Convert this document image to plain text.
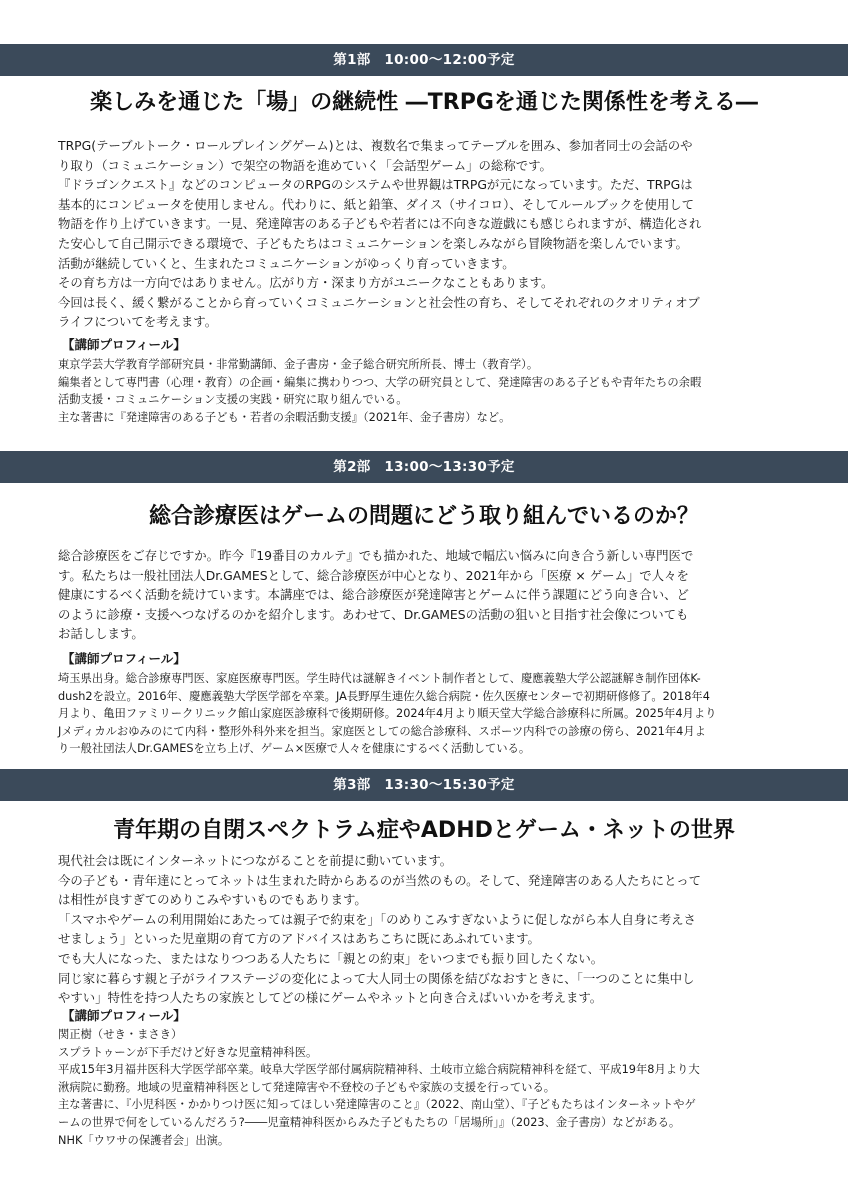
第1部　10:00〜12:00予定
楽しみを通じた「場」の継続性 ―TRPGを通じた関係性を考える―

TRPG(テーブルトーク・ロールプレイングゲーム)とは、複数名で集まってテーブルを囲み、参加者同士の会話のや

り取り（コミュニケーション）で架空の物語を進めていく「会話型ゲーム」の総称です。

『ドラゴンクエスト』などのコンピュータのRPGのシステムや世界観はTRPGが元になっています。ただ、TRPGは

基本的にコンピュータを使用しません。代わりに、紙と鉛筆、ダイス（サイコロ）、そしてルールブックを使用して

物語を作り上げていきます。一見、発達障害のある子どもや若者には不向きな遊戯にも感じられますが、構造化され

た安心して自己開示できる環境で、子どもたちはコミュニケーションを楽しみながら冒険物語を楽しんでいます。

活動が継続していくと、生まれたコミュニケーションがゆっくり育っていきます。

その育ち方は一方向ではありません。広がり方・深まり方がユニークなこともあります。

今回は長く、緩く繋がることから育っていくコミュニケーションと社会性の育ち、そしてそれぞれのクオリティオブ

ライフについてを考えます。

【講師プロフィール】

東京学芸大学教育学部研究員・非常勤講師、金子書房・金子総合研究所所長、博士（教育学）。

編集者として専門書（心理・教育）の企画・編集に携わりつつ、大学の研究員として、発達障害のある子どもや青年たちの余暇

活動支援・コミュニケーション支援の実践・研究に取り組んでいる。

主な著書に『発達障害のある子ども・若者の余暇活動支援』（2021年、金子書房）など。

第2部　13:00〜13:30予定
総合診療医はゲームの問題にどう取り組んでいるのか？

総合診療医をご存じですか。昨今『19番目のカルテ』でも描かれた、地域で幅広い悩みに向き合う新しい専門医で

す。私たちは一般社団法人Dr.GAMESとして、総合診療医が中心となり、2021年から「医療 × ゲーム」で人々を

健康にするべく活動を続けています。本講座では、総合診療医が発達障害とゲームに伴う課題にどう向き合い、ど

のように診療・支援へつなげるのかを紹介します。あわせて、Dr.GAMESの活動の狙いと目指す社会像についても

お話しします。

【講師プロフィール】

埼玉県出身。総合診療専門医、家庭医療専門医。学生時代は謎解きイベント制作者として、慶應義塾大学公認謎解き制作団体K-

dush2を設立。2016年、慶應義塾大学医学部を卒業。JA長野厚生連佐久総合病院・佐久医療センターで初期研修修了。2018年4

月より、亀田ファミリークリニック館山家庭医診療科で後期研修。2024年4月より順天堂大学総合診療科に所属。2025年4月より

Jメディカルおゆみのにて内科・整形外科外来を担当。家庭医としての総合診療科、スポーツ内科での診療の傍ら、2021年4月よ

り一般社団法人Dr.GAMESを立ち上げ、ゲーム×医療で人々を健康にするべく活動している。

第3部　13:30〜15:30予定
青年期の自閉スペクトラム症やADHDとゲーム・ネットの世界

現代社会は既にインターネットにつながることを前提に動いています。

今の子ども・青年達にとってネットは生まれた時からあるのが当然のもの。そして、発達障害のある人たちにとって

は相性が良すぎてのめりこみやすいものでもあります。

「スマホやゲームの利用開始にあたっては親子で約束を」「のめりこみすぎないように促しながら本人自身に考えさ

せましょう」といった児童期の育て方のアドバイスはあちこちに既にあふれています。

でも大人になった、またはなりつつある人たちに「親との約束」をいつまでも振り回したくない。

同じ家に暮らす親と子がライフステージの変化によって大人同士の関係を結びなおすときに、「一つのことに集中し

やすい」特性を持つ人たちの家族としてどの様にゲームやネットと向き合えばいいかを考えます。

【講師プロフィール】

関正樹（せき・まさき）

スプラトゥーンが下手だけど好きな児童精神科医。

平成15年3月福井医科大学医学部卒業。岐阜大学医学部付属病院精神科、土岐市立総合病院精神科を経て、平成19年8月より大

湫病院に勤務。地域の児童精神科医として発達障害や不登校の子どもや家族の支援を行っている。

主な著書に、『小児科医・かかりつけ医に知ってほしい発達障害のこと』（2022、南山堂）、『子どもたちはインターネットやゲ

ームの世界で何をしているんだろう?――児童精神科医からみた子どもたちの「居場所」』（2023、金子書房）などがある。

NHK「ウワサの保護者会」出演。
